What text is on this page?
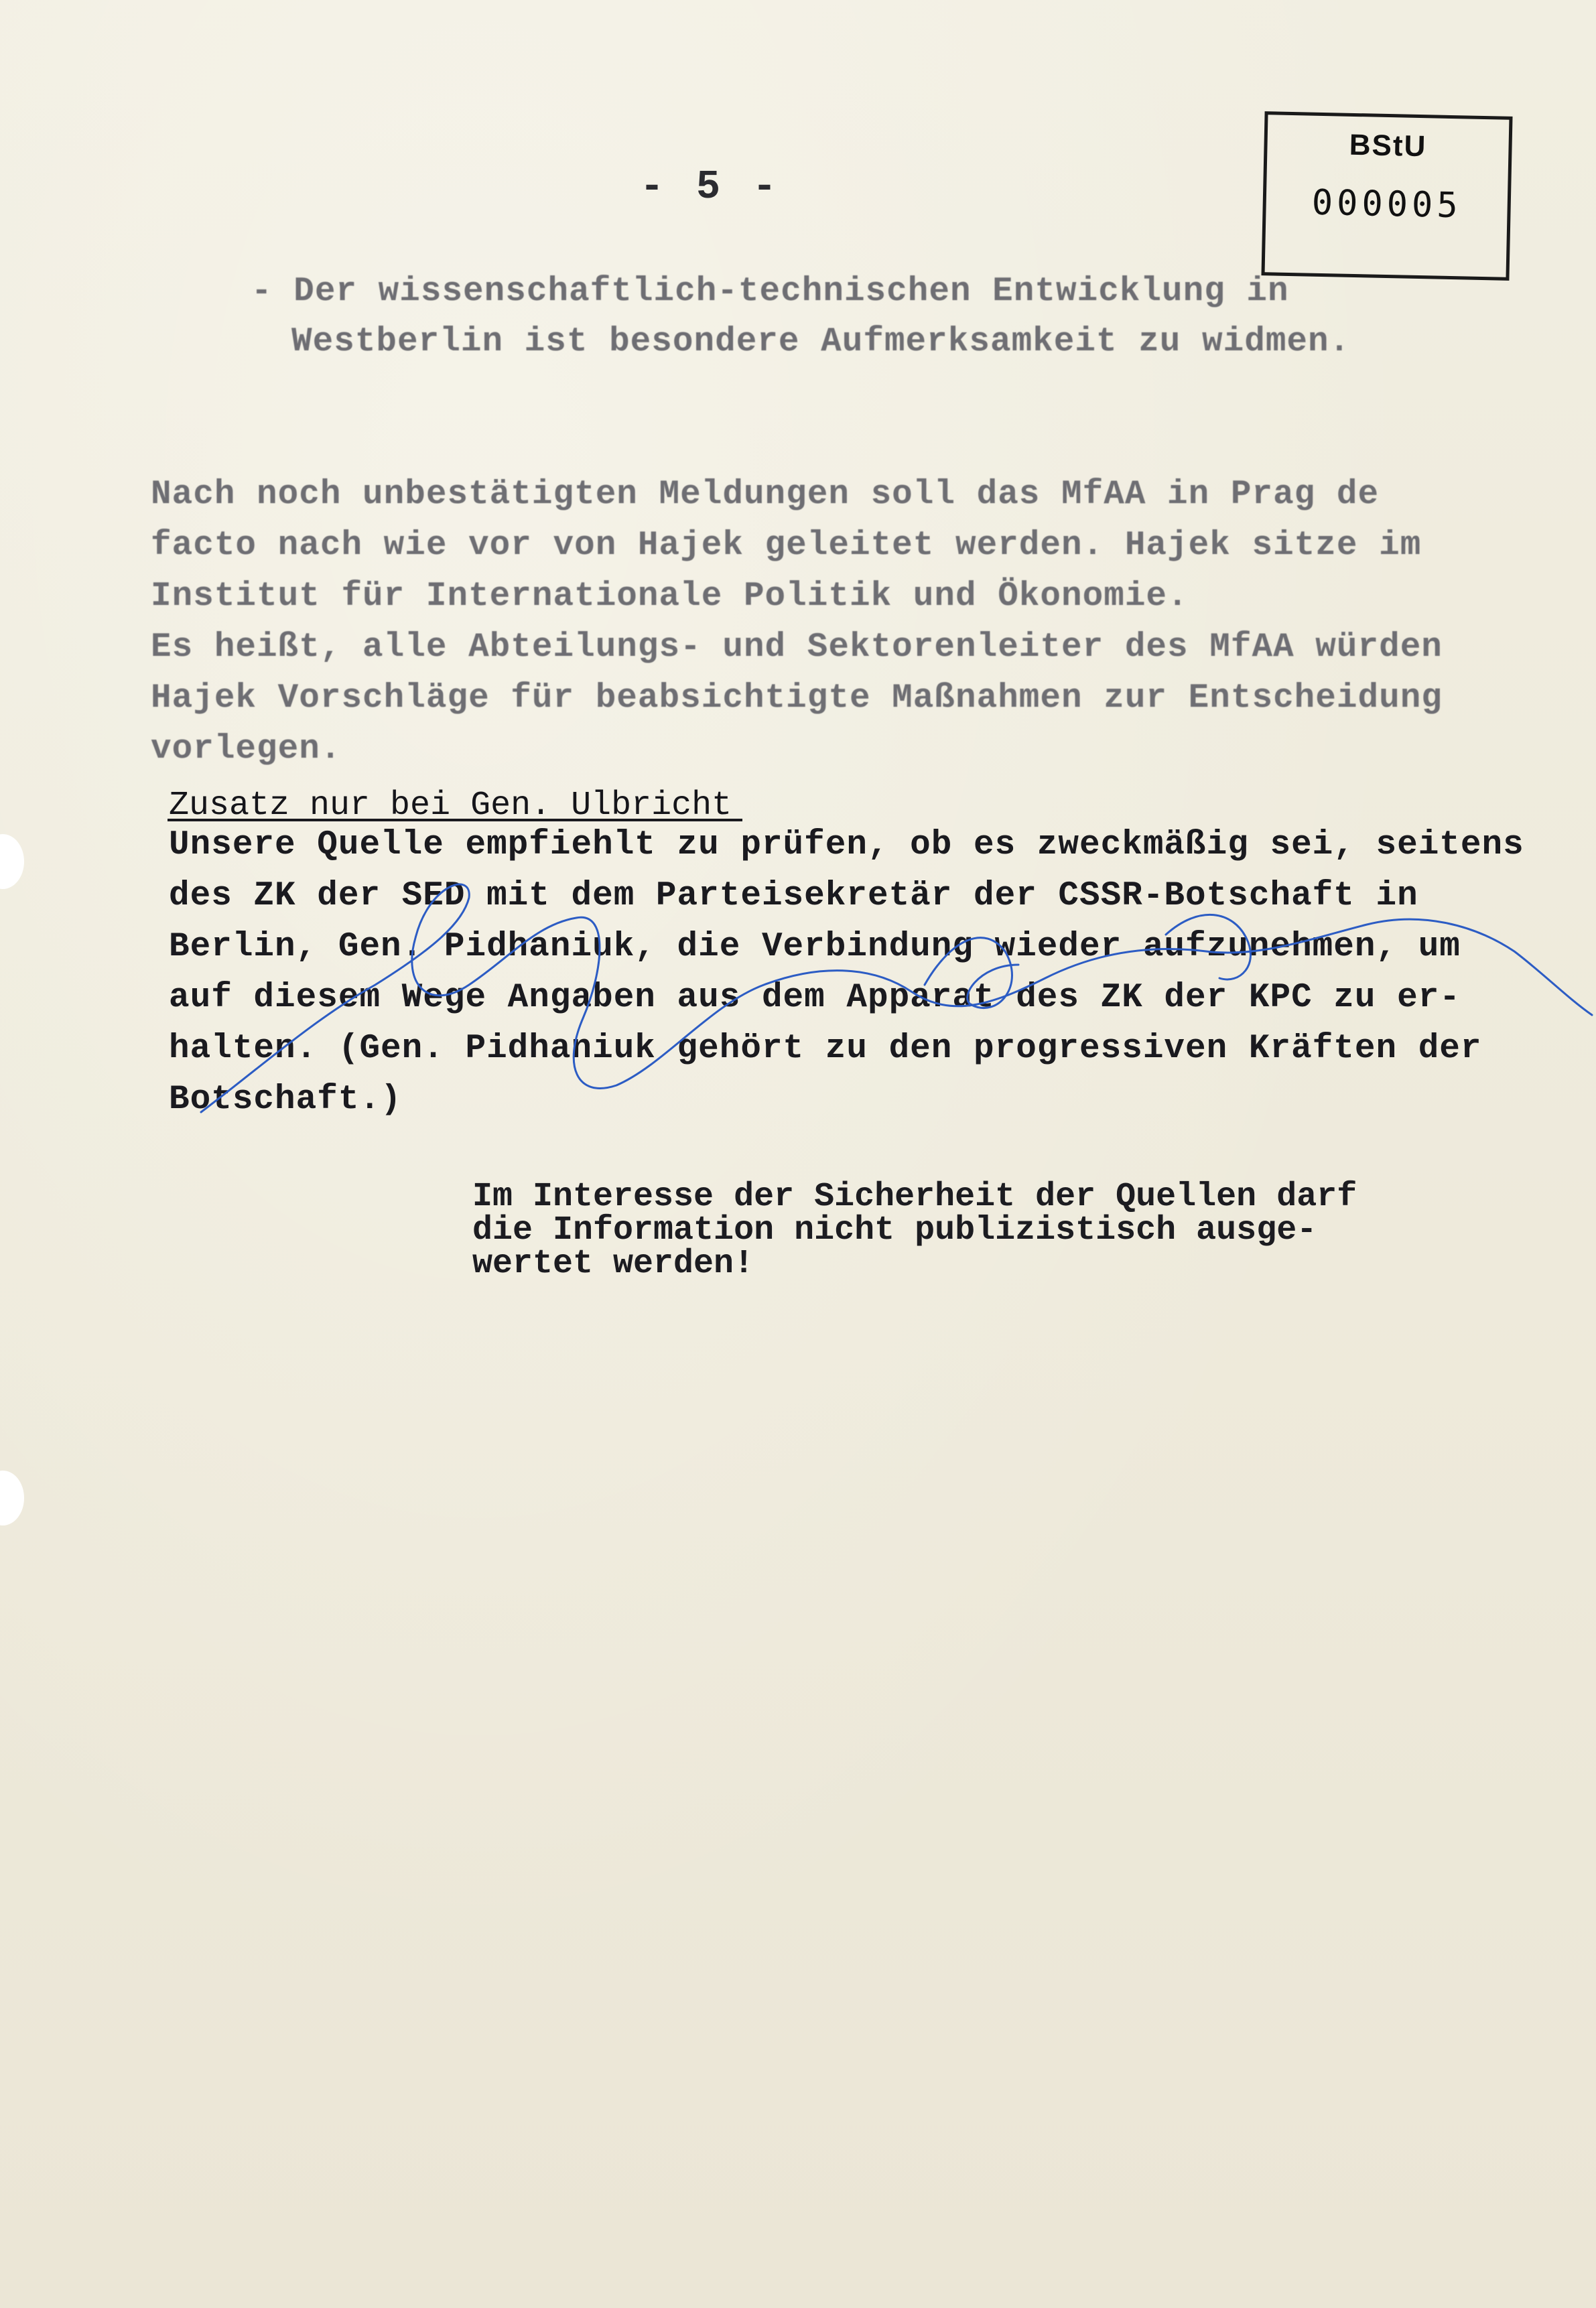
- 5 -
BStU
000005
- Der wissenschaftlich-technischen Entwicklung in
Westberlin ist besondere Aufmerksamkeit zu widmen.
Nach noch unbestätigten Meldungen soll das MfAA in Prag de
facto nach wie vor von Hajek geleitet werden. Hajek sitze im
Institut für Internationale Politik und Ökonomie.
Es heißt, alle Abteilungs- und Sektorenleiter des MfAA würden
Hajek Vorschläge für beabsichtigte Maßnahmen zur Entscheidung
vorlegen.
Zusatz nur bei Gen. Ulbricht
Unsere Quelle empfiehlt zu prüfen, ob es zweckmäßig sei, seitens
des ZK der SED mit dem Parteisekretär der CSSR-Botschaft in
Berlin, Gen. Pidhaniuk, die Verbindung wieder aufzunehmen, um
auf diesem Wege Angaben aus dem Apparat des ZK der KPC zu er-
halten. (Gen. Pidhaniuk gehört zu den progressiven Kräften der
Botschaft.)
Im Interesse der Sicherheit der Quellen darf
die Information nicht publizistisch ausge-
wertet werden!
